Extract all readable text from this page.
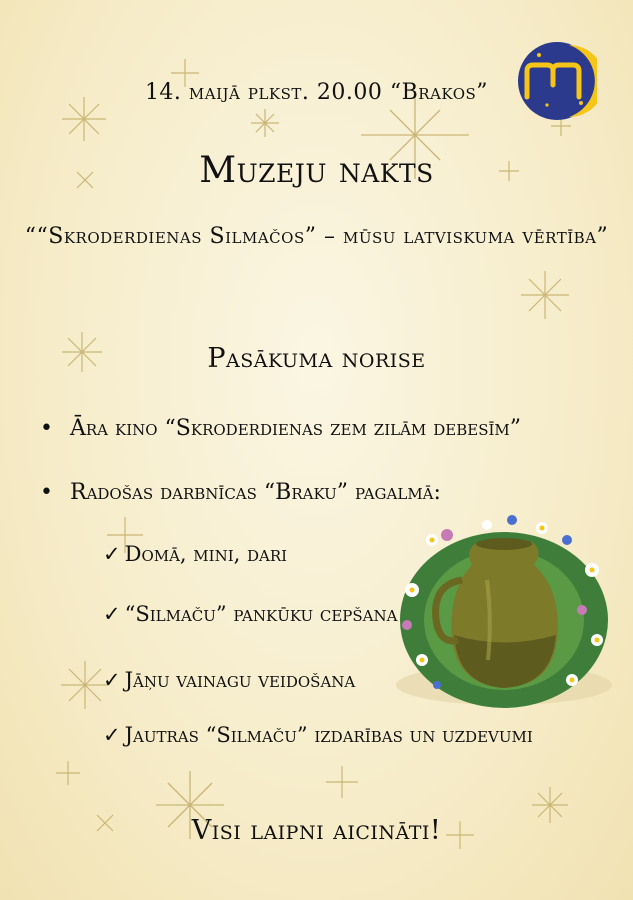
14. maijā plkst. 20.00 “Brakos”
Muzeju nakts
““Skroderdienas Silmačos” – mūsu latviskuma vērtība”
Pasākuma norise
• Āra kino “Skroderdienas zem zilām debesīm”
• Radošas darbnīcas “Braku” pagalmā:
✓ Domā, mini, dari
✓ “Silmaču” pankūku cepšana
✓ Jāņu vainagu veidošana
✓ Jautras “Silmaču” izdarības un uzdevumi
Visi laipni aicināti!
